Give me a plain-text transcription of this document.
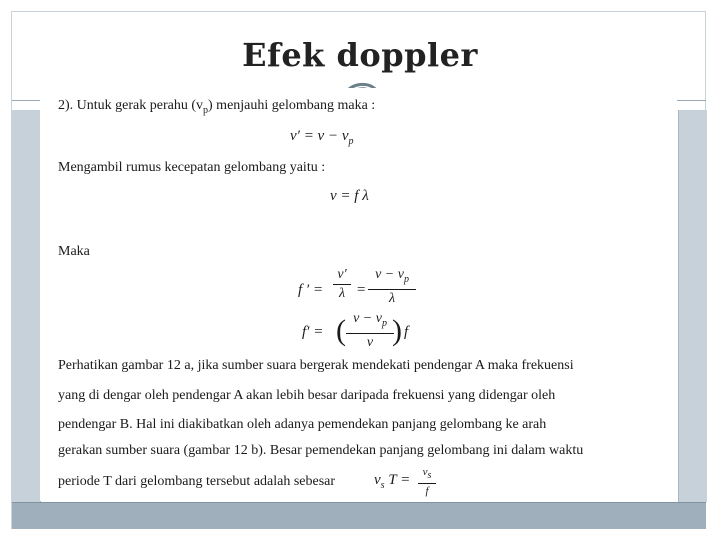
Efek doppler
2). Untuk gerak perahu $(v_p)$ menjauhi gelombang maka :
$v' = v - v_p$
Mengambil rumus kecepatan gelombang yaitu :
v = f λ
Maka
f ′ =
v′
λ =
$v - v_p$
λ
f′ = ( $v - v_p$
v ) f
Perhatikan gambar 12 a, jika sumber suara bergerak mendekati pendengar A maka frekuensi
yang di dengar oleh pendengar A akan lebih besar daripada frekuensi yang didengar oleh
pendengar B. Hal ini diakibatkan oleh adanya pemendekan panjang gelombang ke arah
gerakan sumber suara (gambar 12 b). Besar pemendekan panjang gelombang ini dalam waktu
periode T dari gelombang tersebut adalah sebesar	$v_s$ T =	$v_s$
f
